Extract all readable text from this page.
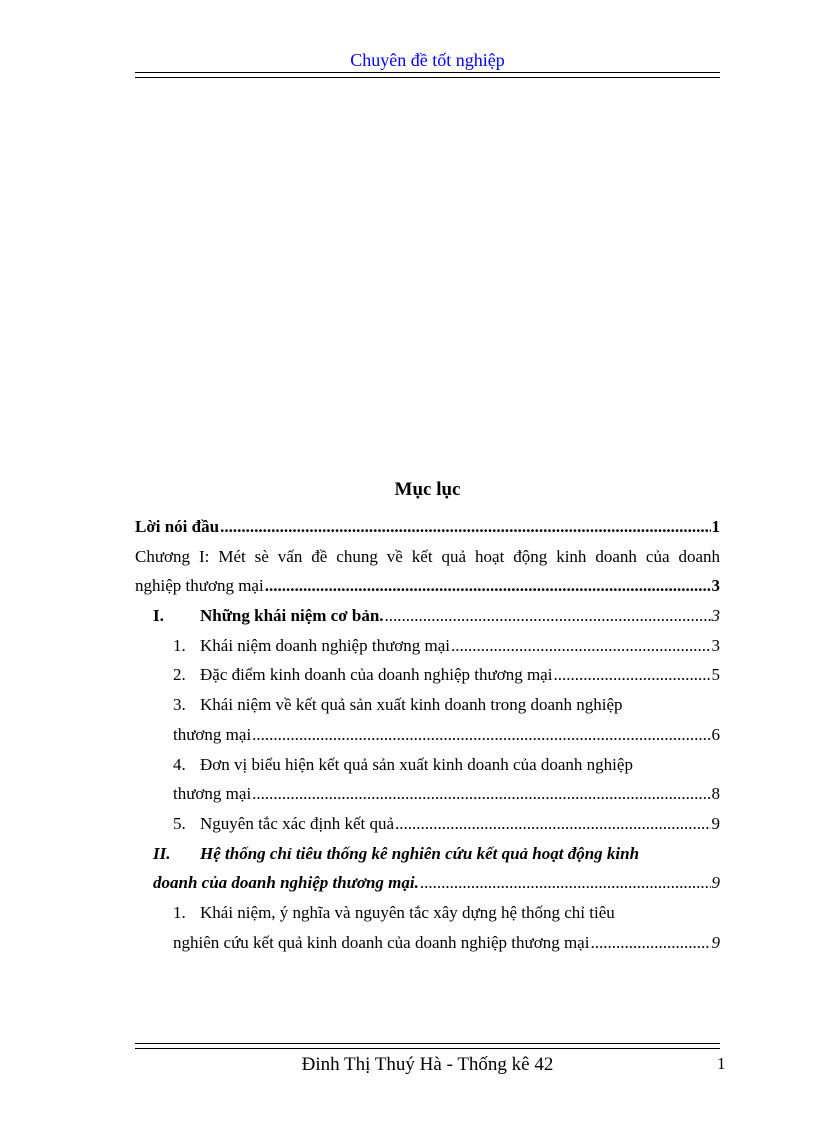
Chuyên đề tốt nghiệp
Mục lục
Lời nói đầu .....	1
Chương I: Mét sè vấn đề chung về kết quả hoạt động kinh doanh của doanh
nghiệp thương mại .....	3
I. Những khái niệm cơ bản. .....	3
1. Khái niệm doanh nghiệp thương mại .....	3
2. Đặc điểm kinh doanh của doanh nghiệp thương mại .....	5
3. Khái niệm về kết quả sản xuất kinh doanh trong doanh nghiệp
thương mại .....	6
4. Đơn vị biểu hiện kết quả sản xuất kinh doanh của doanh nghiệp
thương mại .....	8
5. Nguyên tắc xác định kết quả .....	9
II. Hệ thống chỉ tiêu thống kê nghiên cứu kết quả hoạt động kinh
doanh của doanh nghiệp thương mại. .....	9
1. Khái niệm, ý nghĩa và nguyên tắc xây dựng hệ thống chỉ tiêu
nghiên cứu kết quả kinh doanh của doanh nghiệp thương mại .....	9
Đinh Thị Thuý Hà - Thống kê 42	1
